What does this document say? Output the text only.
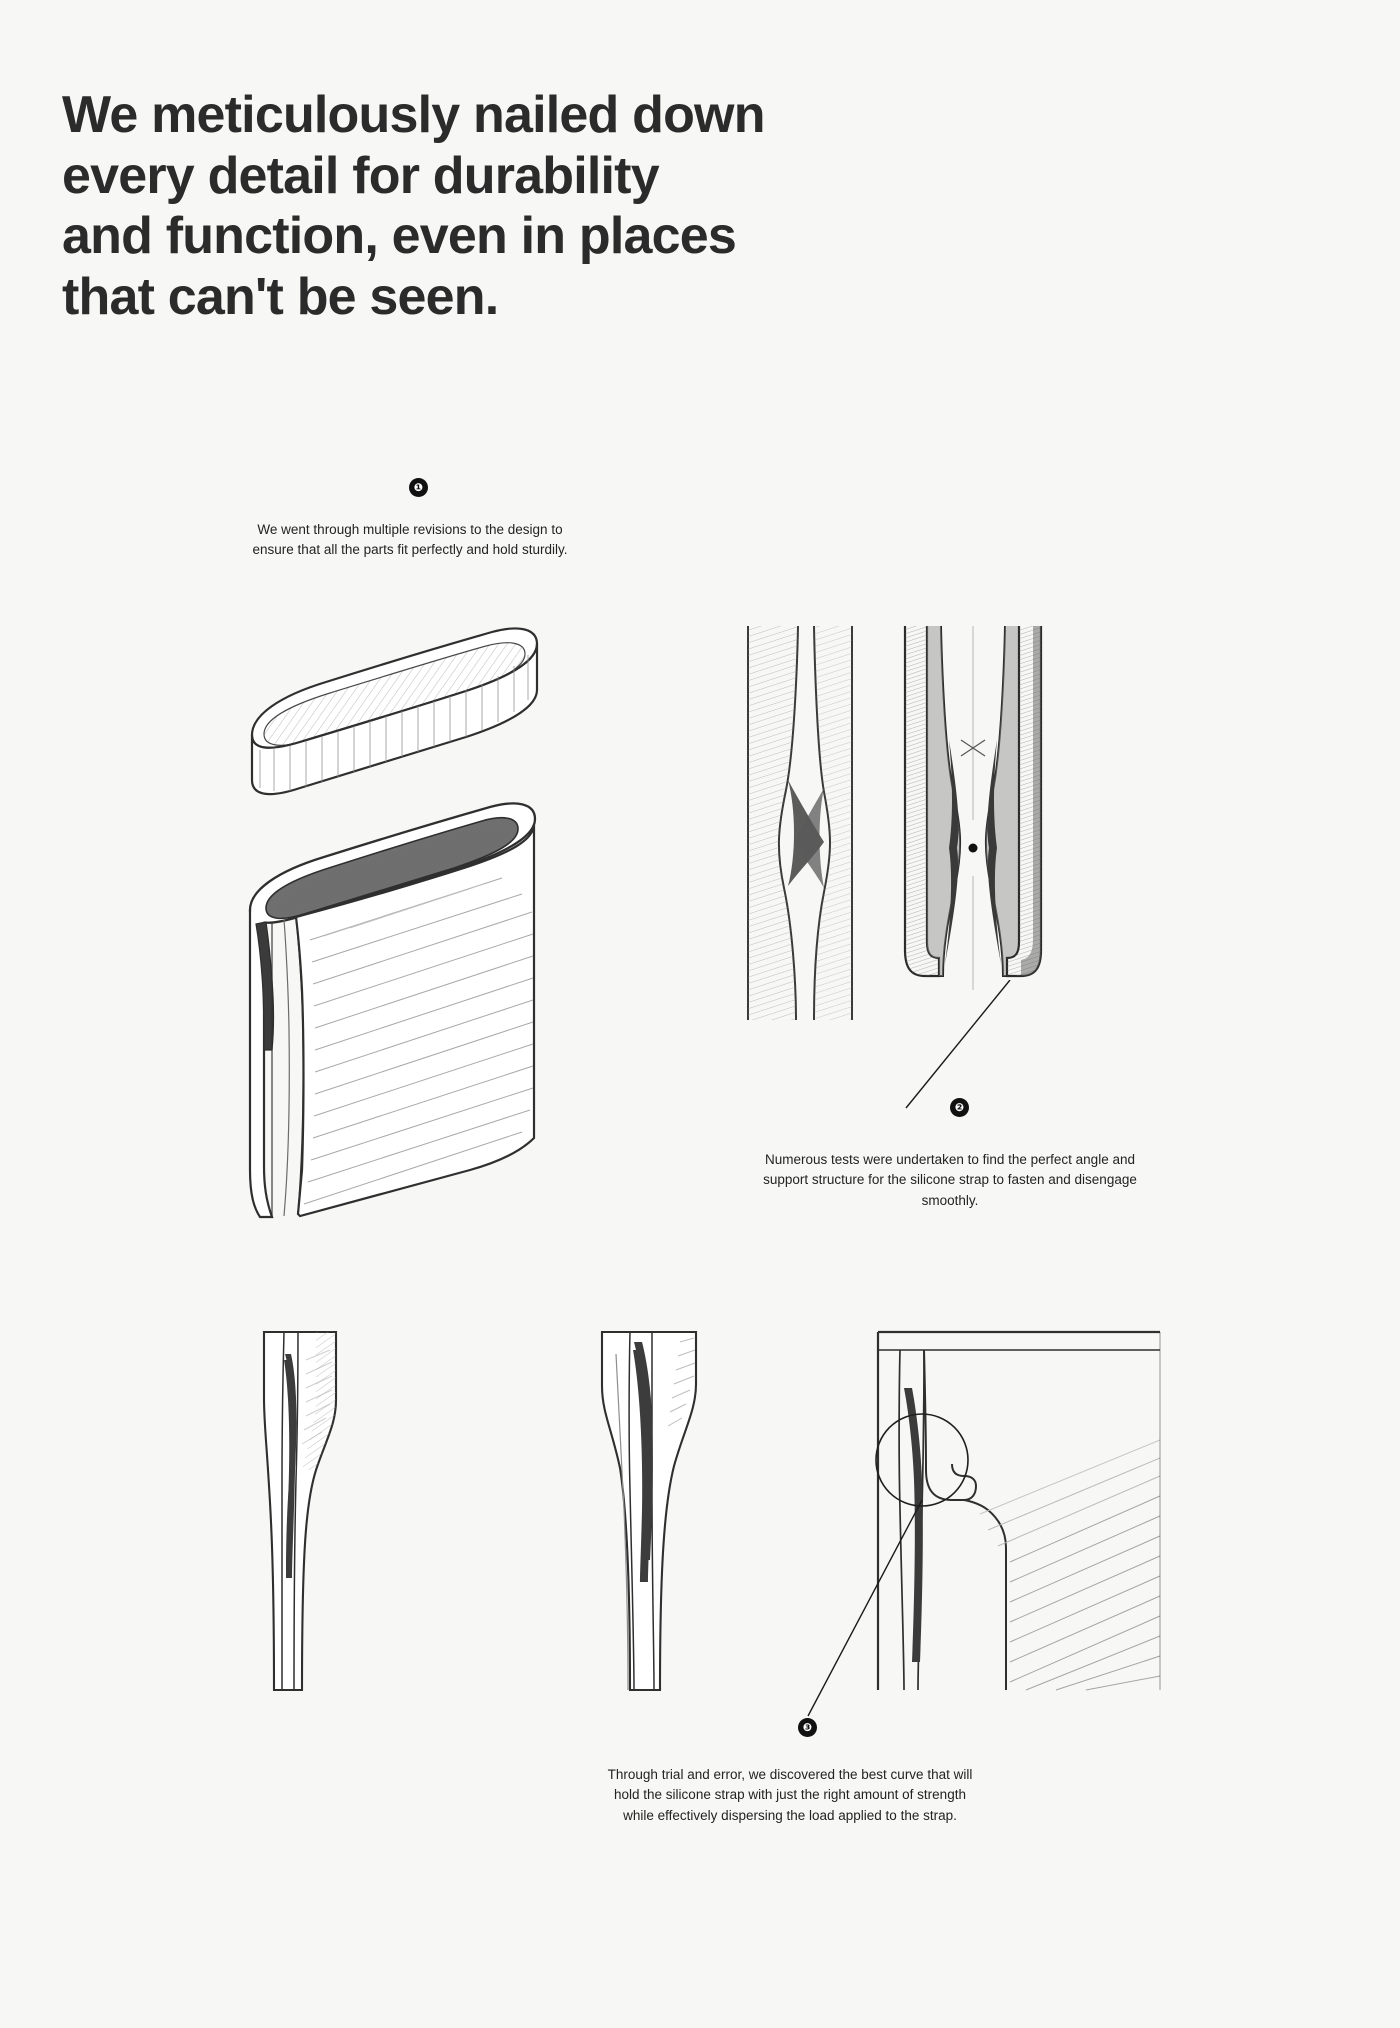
We meticulously nailed down
every detail for durability
and function, even in places
that can't be seen.
❶
We went through multiple revisions to the design to ensure that all the parts fit perfectly and hold sturdily.
❷
Numerous tests were undertaken to find the perfect angle and support structure for the silicone strap to fasten and disengage smoothly.
❸
Through trial and error, we discovered the best curve that will hold the silicone strap with just the right amount of strength while effectively dispersing the load applied to the strap.
